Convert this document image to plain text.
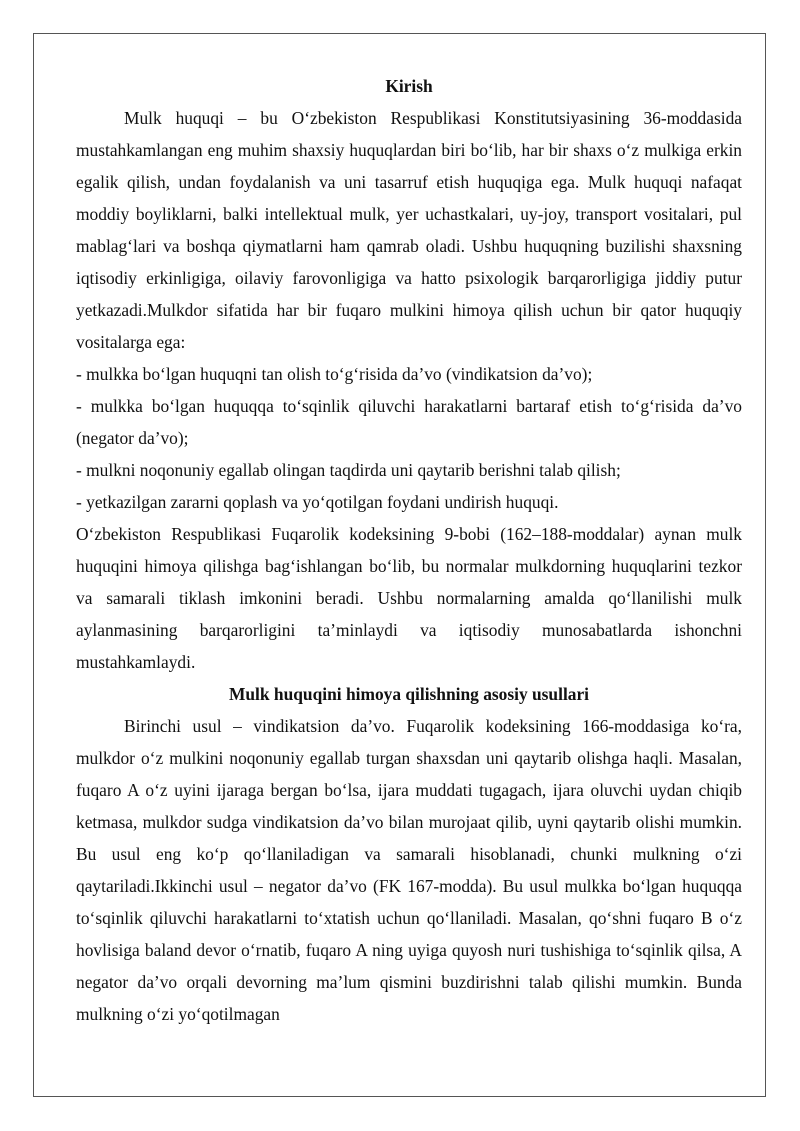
Kirish

Mulk huquqi – bu O‘zbekiston Respublikasi Konstitutsiyasining 36-moddasida mustahkamlangan eng muhim shaxsiy huquqlardan biri bo‘lib, har bir shaxs o‘z mulkiga erkin egalik qilish, undan foydalanish va uni tasarruf etish huquqiga ega. Mulk huquqi nafaqat moddiy boyliklarni, balki intellektual mulk, yer uchastkalari, uy-joy, transport vositalari, pul mablag‘lari va boshqa qiymatlarni ham qamrab oladi. Ushbu huquqning buzilishi shaxsning iqtisodiy erkinligiga, oilaviy farovonligiga va hatto psixologik barqarorligiga jiddiy putur yetkazadi.Mulkdor sifatida har bir fuqaro mulkini himoya qilish uchun bir qator huquqiy vositalarga ega:

- mulkka bo‘lgan huquqni tan olish to‘g‘risida da’vo (vindikatsion da’vo);

- mulkka bo‘lgan huquqqa to‘sqinlik qiluvchi harakatlarni bartaraf etish to‘g‘risida da’vo (negator da’vo);

- mulkni noqonuniy egallab olingan taqdirda uni qaytarib berishni talab qilish;

- yetkazilgan zararni qoplash va yo‘qotilgan foydani undirish huquqi.

O‘zbekiston Respublikasi Fuqarolik kodeksining 9-bobi (162–188-moddalar) aynan mulk huquqini himoya qilishga bag‘ishlangan bo‘lib, bu normalar mulkdorning huquqlarini tezkor va samarali tiklash imkonini beradi. Ushbu normalarning amalda qo‘llanilishi mulk aylanmasining barqarorligini ta’minlaydi va iqtisodiy munosabatlarda ishonchni mustahkamlaydi.

Mulk huquqini himoya qilishning asosiy usullari

Birinchi usul – vindikatsion da’vo. Fuqarolik kodeksining 166-moddasiga ko‘ra, mulkdor o‘z mulkini noqonuniy egallab turgan shaxsdan uni qaytarib olishga haqli. Masalan, fuqaro A o‘z uyini ijaraga bergan bo‘lsa, ijara muddati tugagach, ijara oluvchi uydan chiqib ketmasa, mulkdor sudga vindikatsion da’vo bilan murojaat qilib, uyni qaytarib olishi mumkin. Bu usul eng ko‘p qo‘llaniladigan va samarali hisoblanadi, chunki mulkning o‘zi qaytariladi.Ikkinchi usul – negator da’vo (FK 167-modda). Bu usul mulkka bo‘lgan huquqqa to‘sqinlik qiluvchi harakatlarni to‘xtatish uchun qo‘llaniladi. Masalan, qo‘shni fuqaro B o‘z hovlisiga baland devor o‘rnatib, fuqaro A ning uyiga quyosh nuri tushishiga to‘sqinlik qilsa, A negator da’vo orqali devorning ma’lum qismini buzdirishni talab qilishi mumkin. Bunda mulkning o‘zi yo‘qotilmagan
